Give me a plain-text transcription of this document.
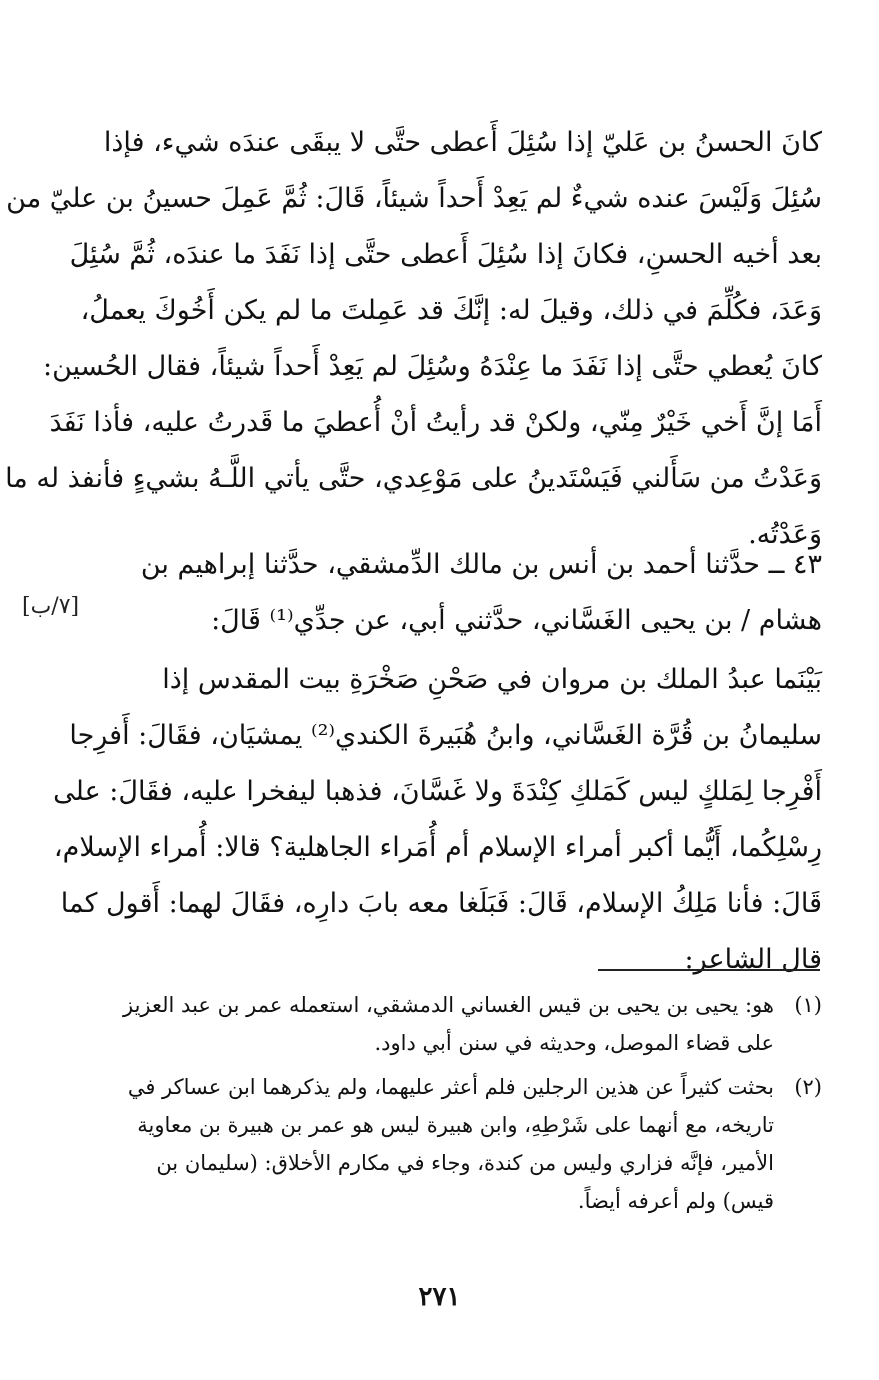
كانَ الحسنُ بن عَليّ إذا سُئِلَ أَعطى حتَّى لا يبقَى عندَه شيء، فإذا
سُئِلَ وَلَيْسَ عنده شيءٌ لم يَعِدْ أَحداً شيئاً، قَالَ: ثُمَّ عَمِلَ حسينُ بن عليّ من
بعد أخيه الحسنِ، فكانَ إذا سُئِلَ أَعطى حتَّى إذا نَفَدَ ما عندَه، ثُمَّ سُئِلَ
وَعَدَ، فكُلِّمَ في ذلك، وقيلَ له: إنَّكَ قد عَمِلتَ ما لم يكن أَخُوكَ يعملُ،
كانَ يُعطي حتَّى إذا نَفَدَ ما عِنْدَهُ وسُئِلَ لم يَعِدْ أَحداً شيئاً، فقال الحُسين:
أَمَا إنَّ أَخي خَيْرٌ مِنّي، ولكنْ قد رأيتُ أنْ أُعطيَ ما قَدرتُ عليه، فأذا نَفَدَ
وَعَدْتُ من سَأَلني فَيَسْتَدينُ على مَوْعِدي، حتَّى يأتي اللَّـهُ بشيءٍ فأنفذ له ما
وَعَدْتُه.
٤٣ ــ حدَّثنا أحمد بن أنس بن مالك الدِّمشقي، حدَّثنا إبراهيم بن
هشام / بن يحيى الغَسَّاني، حدَّثني أبي، عن جدِّي⁽¹⁾ قَالَ:
[٧/ب]
بَيْنَما عبدُ الملك بن مروان في صَحْنِ صَخْرَةِ بيت المقدس إذا
سليمانُ بن قُرَّة الغَسَّاني، وابنُ هُبَيرةَ الكندي⁽²⁾ يمشيَان، فقَالَ: أَفرِجا
أَفْرِجا لِمَلكٍ ليس كَمَلكِ كِنْدَةَ ولا غَسَّانَ، فذهبا ليفخرا عليه، فقَالَ: على
رِسْلِكُما، أَيُّما أكبر أمراء الإسلام أم أُمَراء الجاهلية؟ قالا: أُمراء الإسلام،
قَالَ: فأنا مَلِكُ الإسلام، قَالَ: فَبَلَغا معه بابَ دارِه، فقَالَ لهما: أَقول كما
قال الشاعر:
(١)
هو: يحيى بن يحيى بن قيس الغساني الدمشقي، استعمله عمر بن عبد العزيز
على قضاء الموصل، وحديثه في سنن أبي داود.
(٢)
بحثت كثيراً عن هذين الرجلين فلم أعثر عليهما، ولم يذكرهما ابن عساكر في
تاريخه، مع أنهما على شَرْطِهِ، وابن هبيرة ليس هو عمر بن هبيرة بن معاوية
الأمير، فإنَّه فزاري وليس من كندة، وجاء في مكارم الأخلاق: (سليمان بن
قيس) ولم أعرفه أيضاً.
٢٧١
